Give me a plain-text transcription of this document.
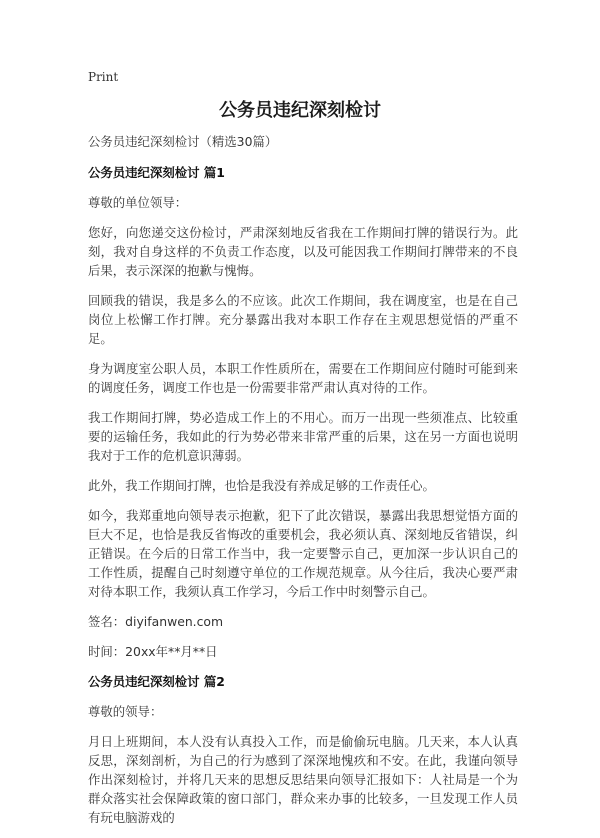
Print
公务员违纪深刻检讨

公务员违纪深刻检讨（精选30篇）

公务员违纪深刻检讨 篇1

尊敬的单位领导：

您好，向您递交这份检讨，严肃深刻地反省我在工作期间打牌的错误行为。此刻，我对自身这样的不负责工作态度，以及可能因我工作期间打牌带来的不良后果，表示深深的抱歉与愧悔。

回顾我的错误，我是多么的不应该。此次工作期间，我在调度室，也是在自己岗位上松懈工作打牌。充分暴露出我对本职工作存在主观思想觉悟的严重不足。

身为调度室公职人员，本职工作性质所在，需要在工作期间应付随时可能到来的调度任务，调度工作也是一份需要非常严肃认真对待的工作。

我工作期间打牌，势必造成工作上的不用心。而万一出现一些须准点、比较重要的运输任务，我如此的行为势必带来非常严重的后果，这在另一方面也说明我对于工作的危机意识薄弱。

此外，我工作期间打牌，也恰是我没有养成足够的工作责任心。

如今，我郑重地向领导表示抱歉，犯下了此次错误，暴露出我思想觉悟方面的巨大不足，也恰是我反省悔改的重要机会，我必须认真、深刻地反省错误，纠正错误。在今后的日常工作当中，我一定要警示自己，更加深一步认识自己的工作性质，提醒自己时刻遵守单位的工作规范规章。从今往后，我决心要严肃对待本职工作，我须认真工作学习，今后工作中时刻警示自己。

签名：diyifanwen.com

时间：20xx年**月**日

公务员违纪深刻检讨 篇2

尊敬的领导：

月日上班期间，本人没有认真投入工作，而是偷偷玩电脑。几天来，本人认真反思，深刻剖析，为自己的行为感到了深深地愧疚和不安。在此，我谨向领导作出深刻检讨，并将几天来的思想反思结果向领导汇报如下：人社局是一个为群众落实社会保障政策的窗口部门，群众来办事的比较多，一旦发现工作人员有玩电脑游戏的
